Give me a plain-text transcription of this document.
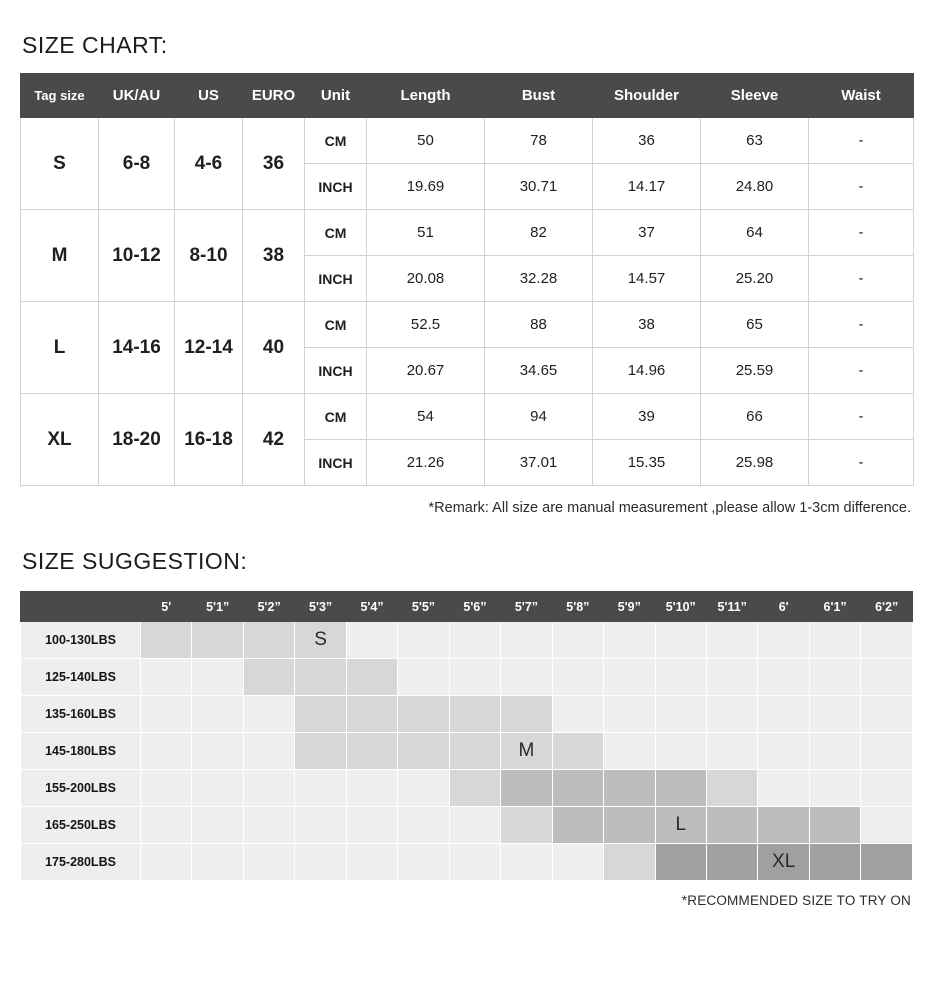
SIZE CHART:
Tag size	UK/AU	US	EURO	Unit	Length	Bust	Shoulder	Sleeve	Waist
S	6-8	4-6	36	CM	50	78	36	63	-
				INCH	19.69	30.71	14.17	24.80	-
M	10-12	8-10	38	CM	51	82	37	64	-
				INCH	20.08	32.28	14.57	25.20	-
L	14-16	12-14	40	CM	52.5	88	38	65	-
				INCH	20.67	34.65	14.96	25.59	-
XL	18-20	16-18	42	CM	54	94	39	66	-
				INCH	21.26	37.01	15.35	25.98	-
*Remark: All size are manual measurement ,please allow 1-3cm difference.
SIZE SUGGESTION:
	5'	5'1”	5'2”	5'3”	5'4”	5'5”	5'6”	5'7”	5'8”	5'9”	5'10”	5'11”	6'	6'1”	6'2”
100-130LBS				S											
125-140LBS															
135-160LBS															
145-180LBS								M							
155-200LBS															
165-250LBS											L				
175-280LBS													XL		
*RECOMMENDED SIZE TO TRY ON
